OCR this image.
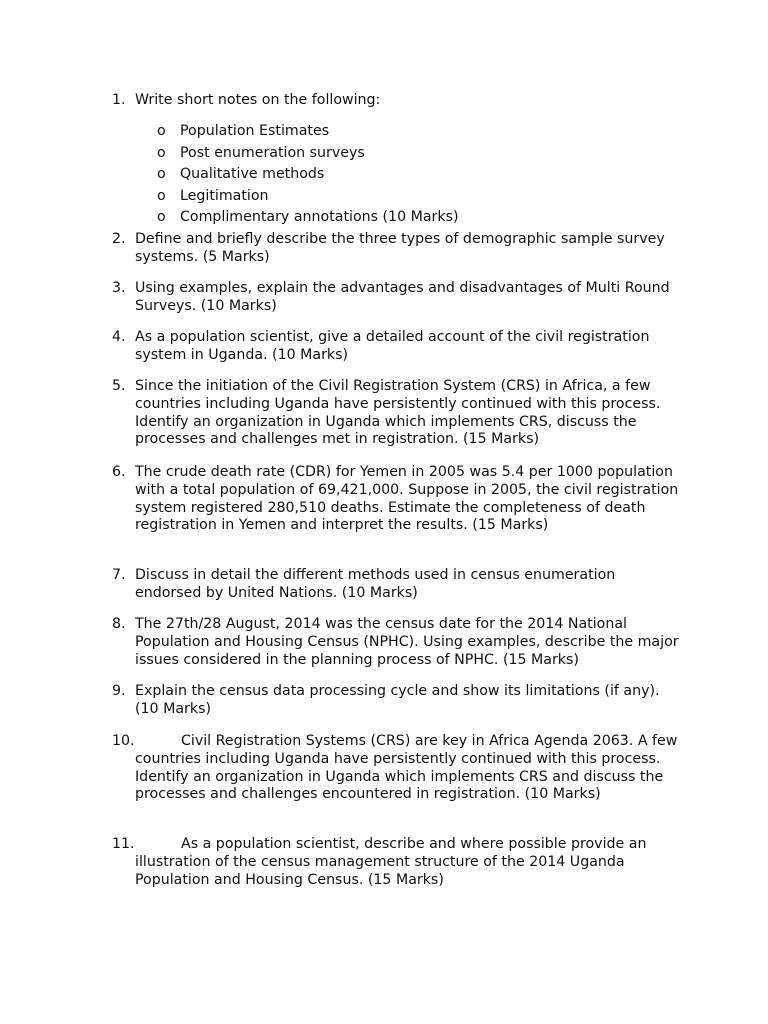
1. Write short notes on the following:
o Population Estimates
o Post enumeration surveys
o Qualitative methods
o Legitimation
o Complimentary annotations (10 Marks)
2. Define and briefly describe the three types of demographic sample survey systems. (5 Marks)
3. Using examples, explain the advantages and disadvantages of Multi Round Surveys. (10 Marks)
4. As a population scientist, give a detailed account of the civil registration system in Uganda. (10 Marks)
5. Since the initiation of the Civil Registration System (CRS) in Africa, a few countries including Uganda have persistently continued with this process. Identify an organization in Uganda which implements CRS, discuss the processes and challenges met in registration. (15 Marks)
6. The crude death rate (CDR) for Yemen in 2005 was 5.4 per 1000 population with a total population of 69,421,000. Suppose in 2005, the civil registration system registered 280,510 deaths. Estimate the completeness of death registration in Yemen and interpret the results. (15 Marks)
7. Discuss in detail the different methods used in census enumeration endorsed by United Nations. (10 Marks)
8. The 27th/28 August, 2014 was the census date for the 2014 National Population and Housing Census (NPHC). Using examples, describe the major issues considered in the planning process of NPHC. (15 Marks)
9. Explain the census data processing cycle and show its limitations (if any). (10 Marks)
10.	Civil Registration Systems (CRS) are key in Africa Agenda 2063. A few countries including Uganda have persistently continued with this process. Identify an organization in Uganda which implements CRS and discuss the processes and challenges encountered in registration. (10 Marks)
11.	As a population scientist, describe and where possible provide an illustration of the census management structure of the 2014 Uganda Population and Housing Census. (15 Marks)
